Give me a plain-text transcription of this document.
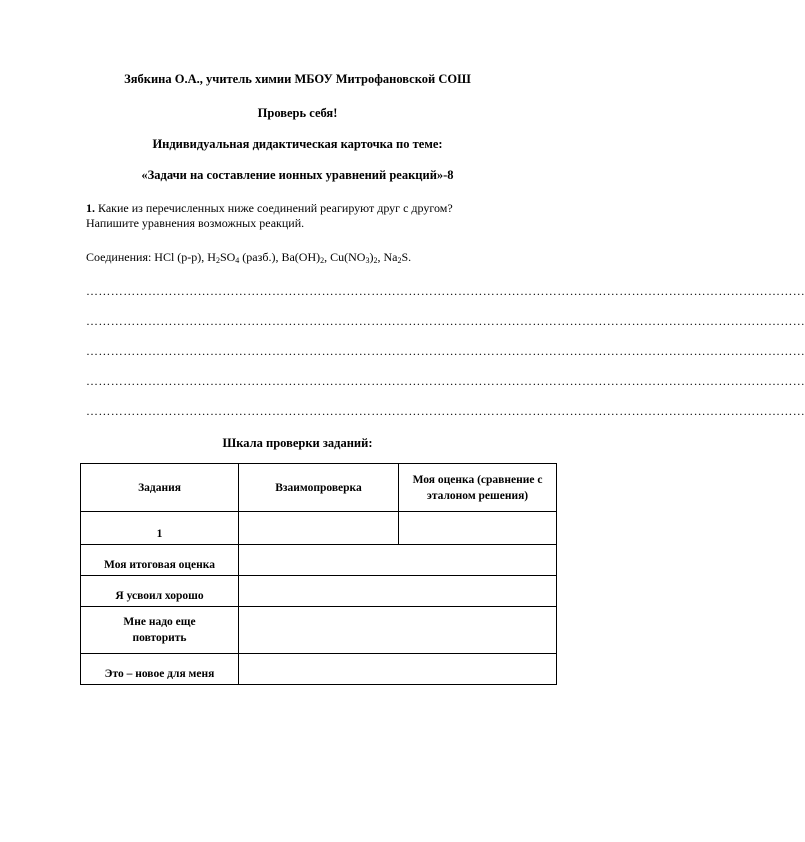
Зябкина О.А., учитель химии МБОУ Митрофановской СОШ
Проверь себя!
Индивидуальная дидактическая карточка по теме:
«Задачи на составление ионных уравнений реакций»-8
1. Какие из перечисленных ниже соединений реагируют друг с другом?
Напишите уравнения возможных реакций.
Соединения: HCl (р-р), $H_2SO_4$ (разб.), $Ba(OH)_2$, $Cu(NO_3)_2$, $Na_2S$.
…………………………………………………………………………………………………………………………………………………………
…………………………………………………………………………………………………………………………………………………………
…………………………………………………………………………………………………………………………………………………………
…………………………………………………………………………………………………………………………………………………………
…………………………………………………………………………………………………………………………………………………………
Шкала проверки заданий:
Задания	Взаимопроверка	Моя оценка (сравнение с эталоном решения)
1		
Моя итоговая оценка		
Я усвоил хорошо		
Мне надо еще повторить		
Это – новое для меня		
